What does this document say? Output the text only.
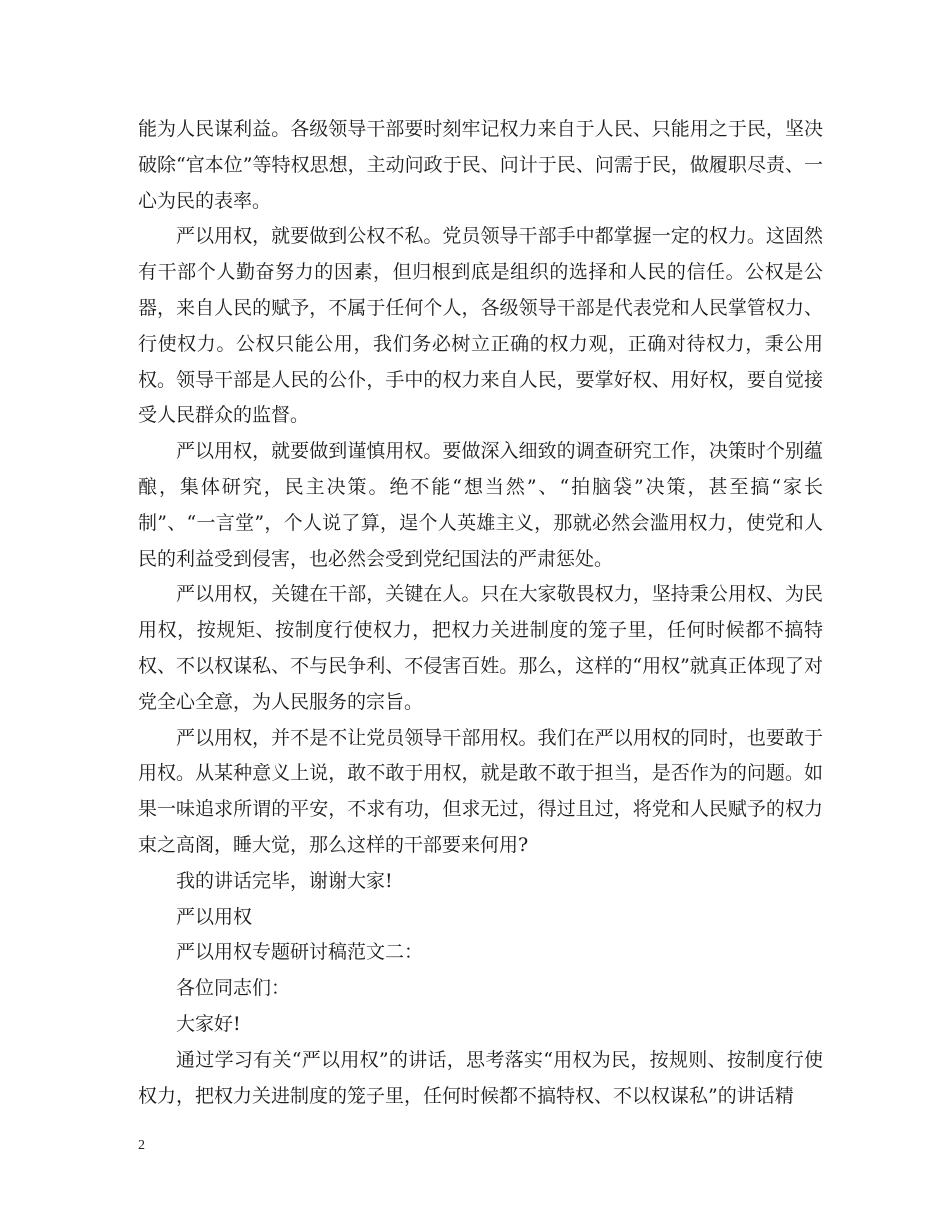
能为人民谋利益。各级领导干部要时刻牢记权力来自于人民、只能用之于民，坚决破除“官本位”等特权思想，主动问政于民、问计于民、问需于民，做履职尽责、一心为民的表率。

严以用权，就要做到公权不私。党员领导干部手中都掌握一定的权力。这固然有干部个人勤奋努力的因素，但归根到底是组织的选择和人民的信任。公权是公器，来自人民的赋予，不属于任何个人，各级领导干部是代表党和人民掌管权力、行使权力。公权只能公用，我们务必树立正确的权力观，正确对待权力，秉公用权。领导干部是人民的公仆，手中的权力来自人民，要掌好权、用好权，要自觉接受人民群众的监督。

严以用权，就要做到谨慎用权。要做深入细致的调查研究工作，决策时个别蕴酿，集体研究，民主决策。绝不能“想当然”、“拍脑袋”决策，甚至搞“家长制”、“一言堂”，个人说了算，逞个人英雄主义，那就必然会滥用权力，使党和人民的利益受到侵害，也必然会受到党纪国法的严肃惩处。

严以用权，关键在干部，关键在人。只在大家敬畏权力，坚持秉公用权、为民用权，按规矩、按制度行使权力，把权力关进制度的笼子里，任何时候都不搞特权、不以权谋私、不与民争利、不侵害百姓。那么，这样的“用权”就真正体现了对党全心全意，为人民服务的宗旨。

严以用权，并不是不让党员领导干部用权。我们在严以用权的同时，也要敢于用权。从某种意义上说，敢不敢于用权，就是敢不敢于担当，是否作为的问题。如果一味追求所谓的平安，不求有功，但求无过，得过且过，将党和人民赋予的权力束之高阁，睡大觉，那么这样的干部要来何用?

我的讲话完毕，谢谢大家!

严以用权

严以用权专题研讨稿范文二：

各位同志们：

大家好!

通过学习有关“严以用权”的讲话，思考落实“用权为民，按规则、按制度行使权力，把权力关进制度的笼子里，任何时候都不搞特权、不以权谋私”的讲话精

2
